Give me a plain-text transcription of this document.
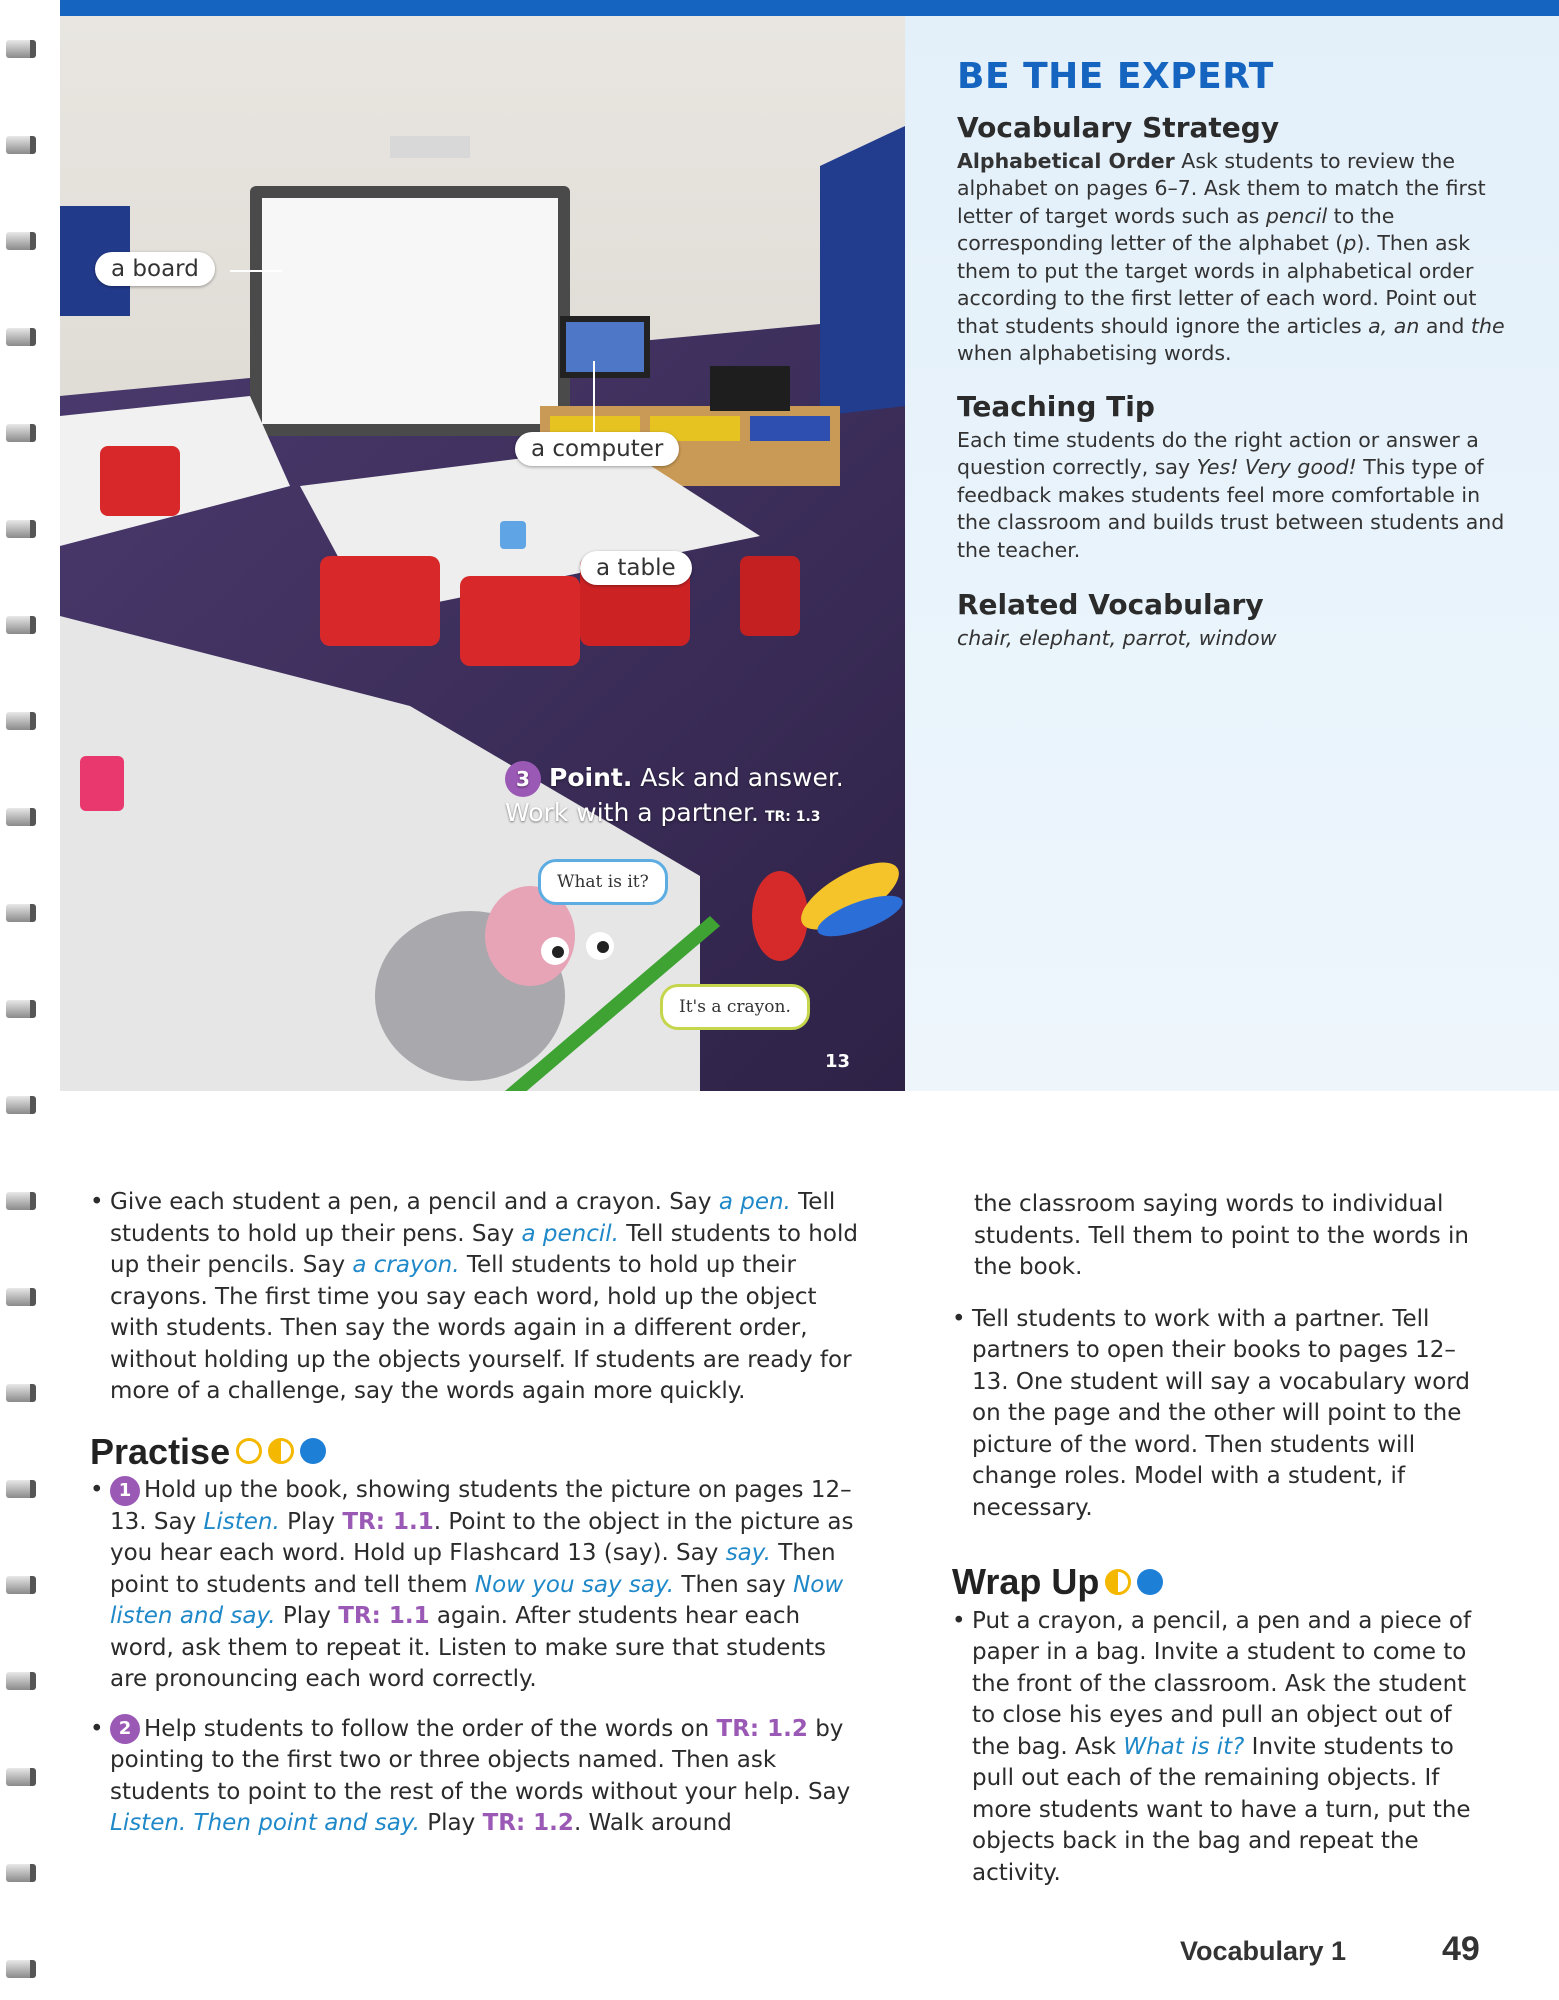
a board
a computer
a table
3 Point. Ask and answer.
Work with a partner. TR: 1.3
What is it?
It's a crayon.
13
BE THE EXPERT
Vocabulary Strategy
Alphabetical Order Ask students to review the alphabet on pages 6–7. Ask them to match the first letter of target words such as pencil to the corresponding letter of the alphabet (p). Then ask them to put the target words in alphabetical order according to the first letter of each word. Point out that students should ignore the articles a, an and the when alphabetising words.
Teaching Tip
Each time students do the right action or answer a question correctly, say Yes! Very good! This type of feedback makes students feel more comfortable in the classroom and builds trust between students and the teacher.
Related Vocabulary
chair, elephant, parrot, window

• Give each student a pen, a pencil and a crayon. Say a pen. Tell students to hold up their pens. Say a pencil. Tell students to hold up their pencils. Say a crayon. Tell students to hold up their crayons. The first time you say each word, hold up the object with students. Then say the words again in a different order, without holding up the objects yourself. If students are ready for more of a challenge, say the words again more quickly.

Practise

• 1 Hold up the book, showing students the picture on pages 12–13. Say Listen. Play TR: 1.1. Point to the object in the picture as you hear each word. Hold up Flashcard 13 (say). Say say. Then point to students and tell them Now you say say. Then say Now listen and say. Play TR: 1.1 again. After students hear each word, ask them to repeat it. Listen to make sure that students are pronouncing each word correctly.

• 2 Help students to follow the order of the words on TR: 1.2 by pointing to the first two or three objects named. Then ask students to point to the rest of the words without your help. Say Listen. Then point and say. Play TR: 1.2. Walk around

the classroom saying words to individual students. Tell them to point to the words in the book.

• Tell students to work with a partner. Tell partners to open their books to pages 12–13. One student will say a vocabulary word on the page and the other will point to the picture of the word. Then students will change roles. Model with a student, if necessary.

Wrap Up

• Put a crayon, a pencil, a pen and a piece of paper in a bag. Invite a student to come to the front of the classroom. Ask the student to close his eyes and pull an object out of the bag. Ask What is it? Invite students to pull out each of the remaining objects. If more students want to have a turn, put the objects back in the bag and repeat the activity.

Vocabulary 1	49
